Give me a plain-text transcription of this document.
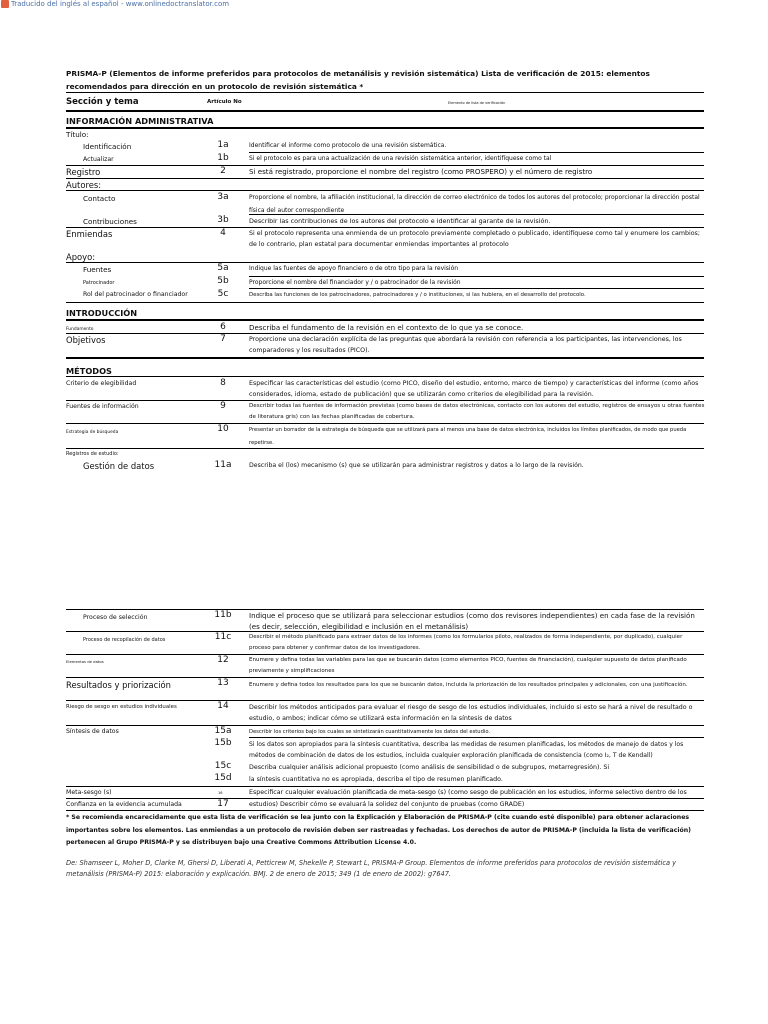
Traducido del inglés al español - www.onlinedoctranslator.com
PRISMA-P (Elementos de informe preferidos para protocolos de metanálisis y revisión sistemática) Lista de verificación de 2015: elementos recomendados para dirección en un protocolo de revisión sistemática *
Sección y tema	Artículo No	Elemento de lista de verificación
INFORMACIÓN ADMINISTRATIVA
Título:
Identificación	1a	Identificar el informe como protocolo de una revisión sistemática.
Actualizar	1b	Si el protocolo es para una actualización de una revisión sistemática anterior, identifíquese como tal
Registro	2	Si está registrado, proporcione el nombre del registro (como PROSPERO) y el número de registro
Autores:
Contacto	3a	Proporcione el nombre, la afiliación institucional, la dirección de correo electrónico de todos los autores del protocolo; proporcionar la dirección postal física del autor correspondiente
Contribuciones	3b	Describir las contribuciones de los autores del protocolo e identificar al garante de la revisión.
Enmiendas	4	Si el protocolo representa una enmienda de un protocolo previamente completado o publicado, identifíquese como tal y enumere los cambios; de lo contrario, plan estatal para documentar enmiendas importantes al protocolo
Apoyo:
Fuentes	5a	Indique las fuentes de apoyo financiero o de otro tipo para la revisión
Patrocinador	5b	Proporcione el nombre del financiador y / o patrocinador de la revisión
Rol del patrocinador o financiador	5c	Describa las funciones de los patrocinadores, patrocinadores y / o instituciones, si las hubiera, en el desarrollo del protocolo.
INTRODUCCIÓN
Fundamento	6	Describa el fundamento de la revisión en el contexto de lo que ya se conoce.
Objetivos	7	Proporcione una declaración explícita de las preguntas que abordará la revisión con referencia a los participantes, las intervenciones, los comparadores y los resultados (PICO).
MÉTODOS
Criterio de elegibilidad	8	Especificar las características del estudio (como PICO, diseño del estudio, entorno, marco de tiempo) y características del informe (como años considerados, idioma, estado de publicación) que se utilizarán como criterios de elegibilidad para la revisión.
Fuentes de información	9	Describir todas las fuentes de información previstas (como bases de datos electrónicas, contacto con los autores del estudio, registros de ensayos u otras fuentes de literatura gris) con las fechas planificadas de cobertura.
Estrategia de búsqueda	10	Presentar un borrador de la estrategia de búsqueda que se utilizará para al menos una base de datos electrónica, incluidos los límites planificados, de modo que pueda repetirse.
Registros de estudio:
Gestión de datos	11a	Describa el (los) mecanismo (s) que se utilizarán para administrar registros y datos a lo largo de la revisión.
Proceso de selección	11b	Indique el proceso que se utilizará para seleccionar estudios (como dos revisores independientes) en cada fase de la revisión (es decir, selección, elegibilidad e inclusión en el metanálisis)
Proceso de recopilación de datos	11c	Describir el método planificado para extraer datos de los informes (como los formularios piloto, realizados de forma independiente, por duplicado), cualquier proceso para obtener y confirmar datos de los investigadores.
Elementos de datos	12	Enumere y defina todas las variables para las que se buscarán datos (como elementos PICO, fuentes de financiación), cualquier supuesto de datos planificado previamente y simplificaciones
Resultados y priorización	13	Enumere y defina todos los resultados para los que se buscarán datos, incluida la priorización de los resultados principales y adicionales, con una justificación.
Riesgo de sesgo en estudios individuales	14	Describir los métodos anticipados para evaluar el riesgo de sesgo de los estudios individuales, incluido si esto se hará a nivel de resultado o estudio, o ambos; indicar cómo se utilizará esta información en la síntesis de datos
Síntesis de datos	15a	Describir los criterios bajo los cuales se sintetizarán cuantitativamente los datos del estudio.
15b	Si los datos son apropiados para la síntesis cuantitativa, describa las medidas de resumen planificadas, los métodos de manejo de datos y los métodos de combinación de datos de los estudios, incluida cualquier exploración planificada de consistencia (como I₂, T de Kendall)
15c	Describa cualquier análisis adicional propuesto (como análisis de sensibilidad o de subgrupos, metarregresión). Si
15d	la síntesis cuantitativa no es apropiada, describa el tipo de resumen planificado.
Meta-sesgo (s)	16	Especificar cualquier evaluación planificada de meta-sesgo (s) (como sesgo de publicación en los estudios, informe selectivo dentro de los
Confianza en la evidencia acumulada	17	estudios) Describir cómo se evaluará la solidez del conjunto de pruebas (como GRADE)
* Se recomienda encarecidamente que esta lista de verificación se lea junto con la Explicación y Elaboración de PRISMA-P (cite cuando esté disponible) para obtener aclaraciones importantes sobre los elementos. Las enmiendas a un protocolo de revisión deben ser rastreadas y fechadas. Los derechos de autor de PRISMA-P (incluida la lista de verificación) pertenecen al Grupo PRISMA-P y se distribuyen bajo una Creative Commons Attribution License 4.0.
De: Shamseer L, Moher D, Clarke M, Ghersi D, Liberati A, Petticrew M, Shekelle P, Stewart L, PRISMA-P Group. Elementos de informe preferidos para protocolos de revisión sistemática y metanálisis (PRISMA-P) 2015: elaboración y explicación. BMJ. 2 de enero de 2015; 349 (1 de enero de 2002): g7647.
